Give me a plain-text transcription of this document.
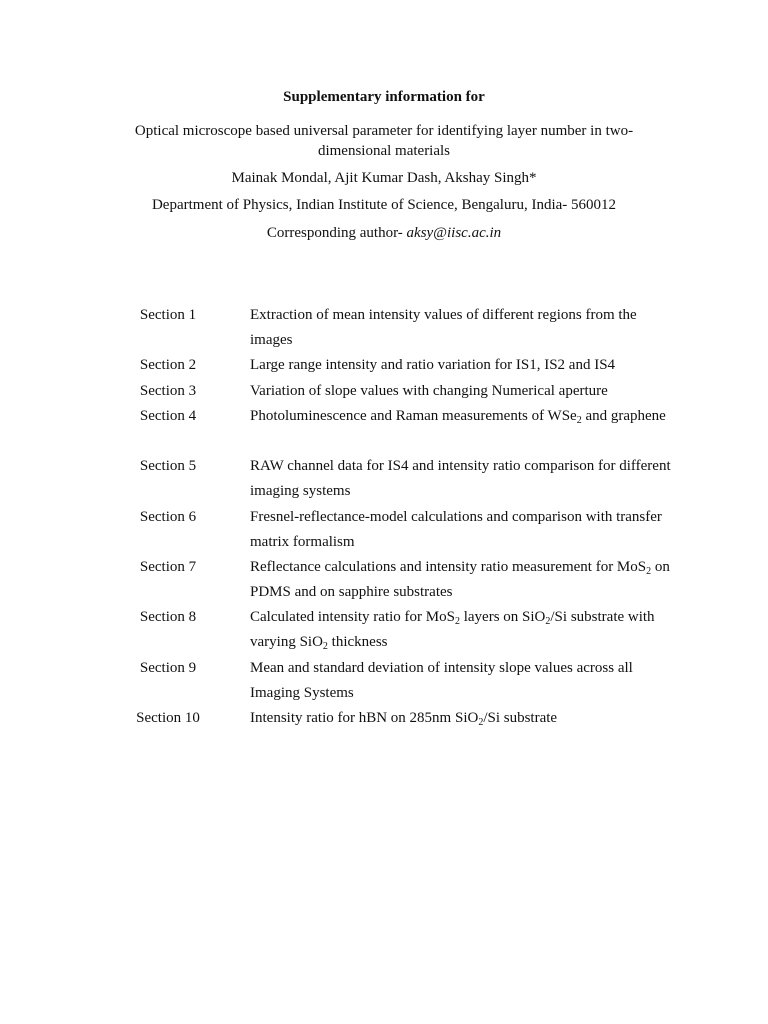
Supplementary information for
Optical microscope based universal parameter for identifying layer number in two-dimensional materials
Mainak Mondal, Ajit Kumar Dash, Akshay Singh*
Department of Physics, Indian Institute of Science, Bengaluru, India- 560012
Corresponding author- aksy@iisc.ac.in
Section 1	Extraction of mean intensity values of different regions from the images
Section 2	Large range intensity and ratio variation for IS1, IS2 and IS4
Section 3	Variation of slope values with changing Numerical aperture
Section 4	Photoluminescence and Raman measurements of WSe$_2$ and graphene
Section 5	RAW channel data for IS4 and intensity ratio comparison for different imaging systems
Section 6	Fresnel-reflectance-model calculations and comparison with transfer matrix formalism
Section 7	Reflectance calculations and intensity ratio measurement for MoS$_2$ on PDMS and on sapphire substrates
Section 8	Calculated intensity ratio for MoS$_2$ layers on SiO$_2$/Si substrate with varying SiO$_2$ thickness
Section 9	Mean and standard deviation of intensity slope values across all Imaging Systems
Section 10	Intensity ratio for hBN on 285nm SiO$_2$/Si substrate
